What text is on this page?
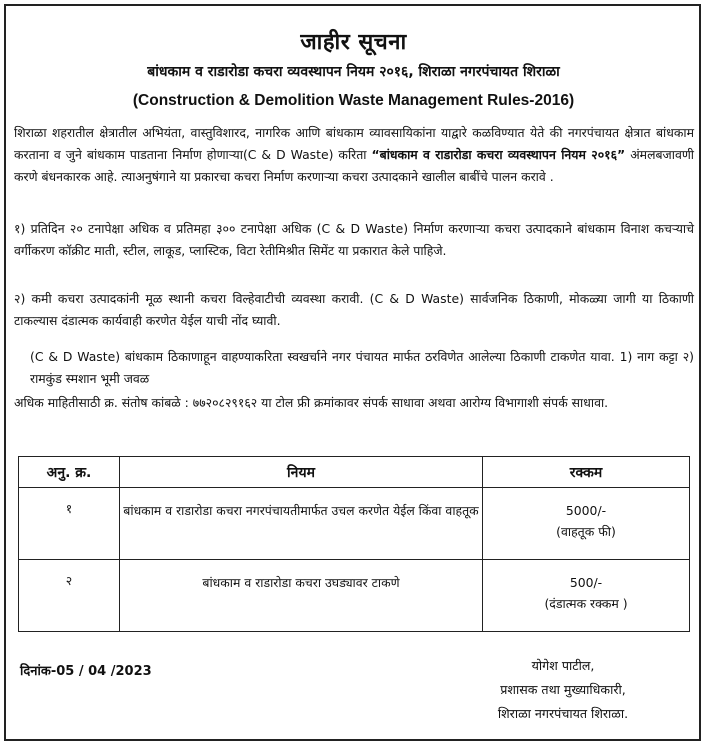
जाहीर सूचना
बांधकाम व राडारोडा कचरा व्यवस्थापन नियम २०१६, शिराळा नगरपंचायत शिराळा
(Construction & Demolition Waste Management Rules-2016)
शिराळा शहरातील क्षेत्रातील अभियंता, वास्तुविशारद, नागरिक आणि बांधकाम व्यावसायिकांना याद्वारे कळविण्यात येते की नगरपंचायत क्षेत्रात बांधकाम करताना व जुने बांधकाम पाडताना निर्माण होणाऱ्या(C & D Waste) करिता “बांधकाम व राडारोडा कचरा व्यवस्थापन नियम २०१६” अंमलबजावणी करणे बंधनकारक आहे. त्याअनुषंगाने या प्रकारचा कचरा निर्माण करणाऱ्या कचरा उत्पादकाने खालील बाबींचे पालन करावे .
१) प्रतिदिन २० टनापेक्षा अधिक व प्रतिमहा ३०० टनापेक्षा अधिक (C & D Waste) निर्माण करणाऱ्या कचरा उत्पादकाने बांधकाम विनाश कचऱ्याचे वर्गीकरण कॉक्रीट माती, स्टील, लाकूड, प्लास्टिक, विटा रेतीमिश्रीत सिमेंट या प्रकारात केले पाहिजे.
२) कमी कचरा उत्पादकांनी मूळ स्थानी कचरा विल्हेवाटीची व्यवस्था करावी. (C & D Waste) सार्वजनिक ठिकाणी, मोकळ्या जागी या ठिकाणी टाकल्यास दंडात्मक कार्यवाही करणेत येईल याची नोंद घ्यावी.
(C & D Waste) बांधकाम ठिकाणाहून वाहण्याकरिता स्वखर्चाने नगर पंचायत मार्फत ठरविणेत आलेल्या ठिकाणी टाकणेत यावा. 1) नाग कट्टा २) रामकुंड स्मशान भूमी जवळ
अधिक माहितीसाठी क्र. संतोष कांबळे : ७७२०८२९१६२ या टोल फ्री क्रमांकावर संपर्क साधावा अथवा आरोग्य विभागाशी संपर्क साधावा.
अनु. क्र.	नियम	रक्कम
१	बांधकाम व राडारोडा कचरा नगरपंचायतीमार्फत उचल करणेत येईल किंवा वाहतूक	5000/-
(वाहतूक फी)

२	बांधकाम व राडारोडा कचरा उघड्यावर टाकणे	500/-
(दंडात्मक रक्कम )
दिनांक-05 / 04 /2023	योगेश पाटील,
प्रशासक तथा मुख्याधिकारी,
शिराळा नगरपंचायत शिराळा.
